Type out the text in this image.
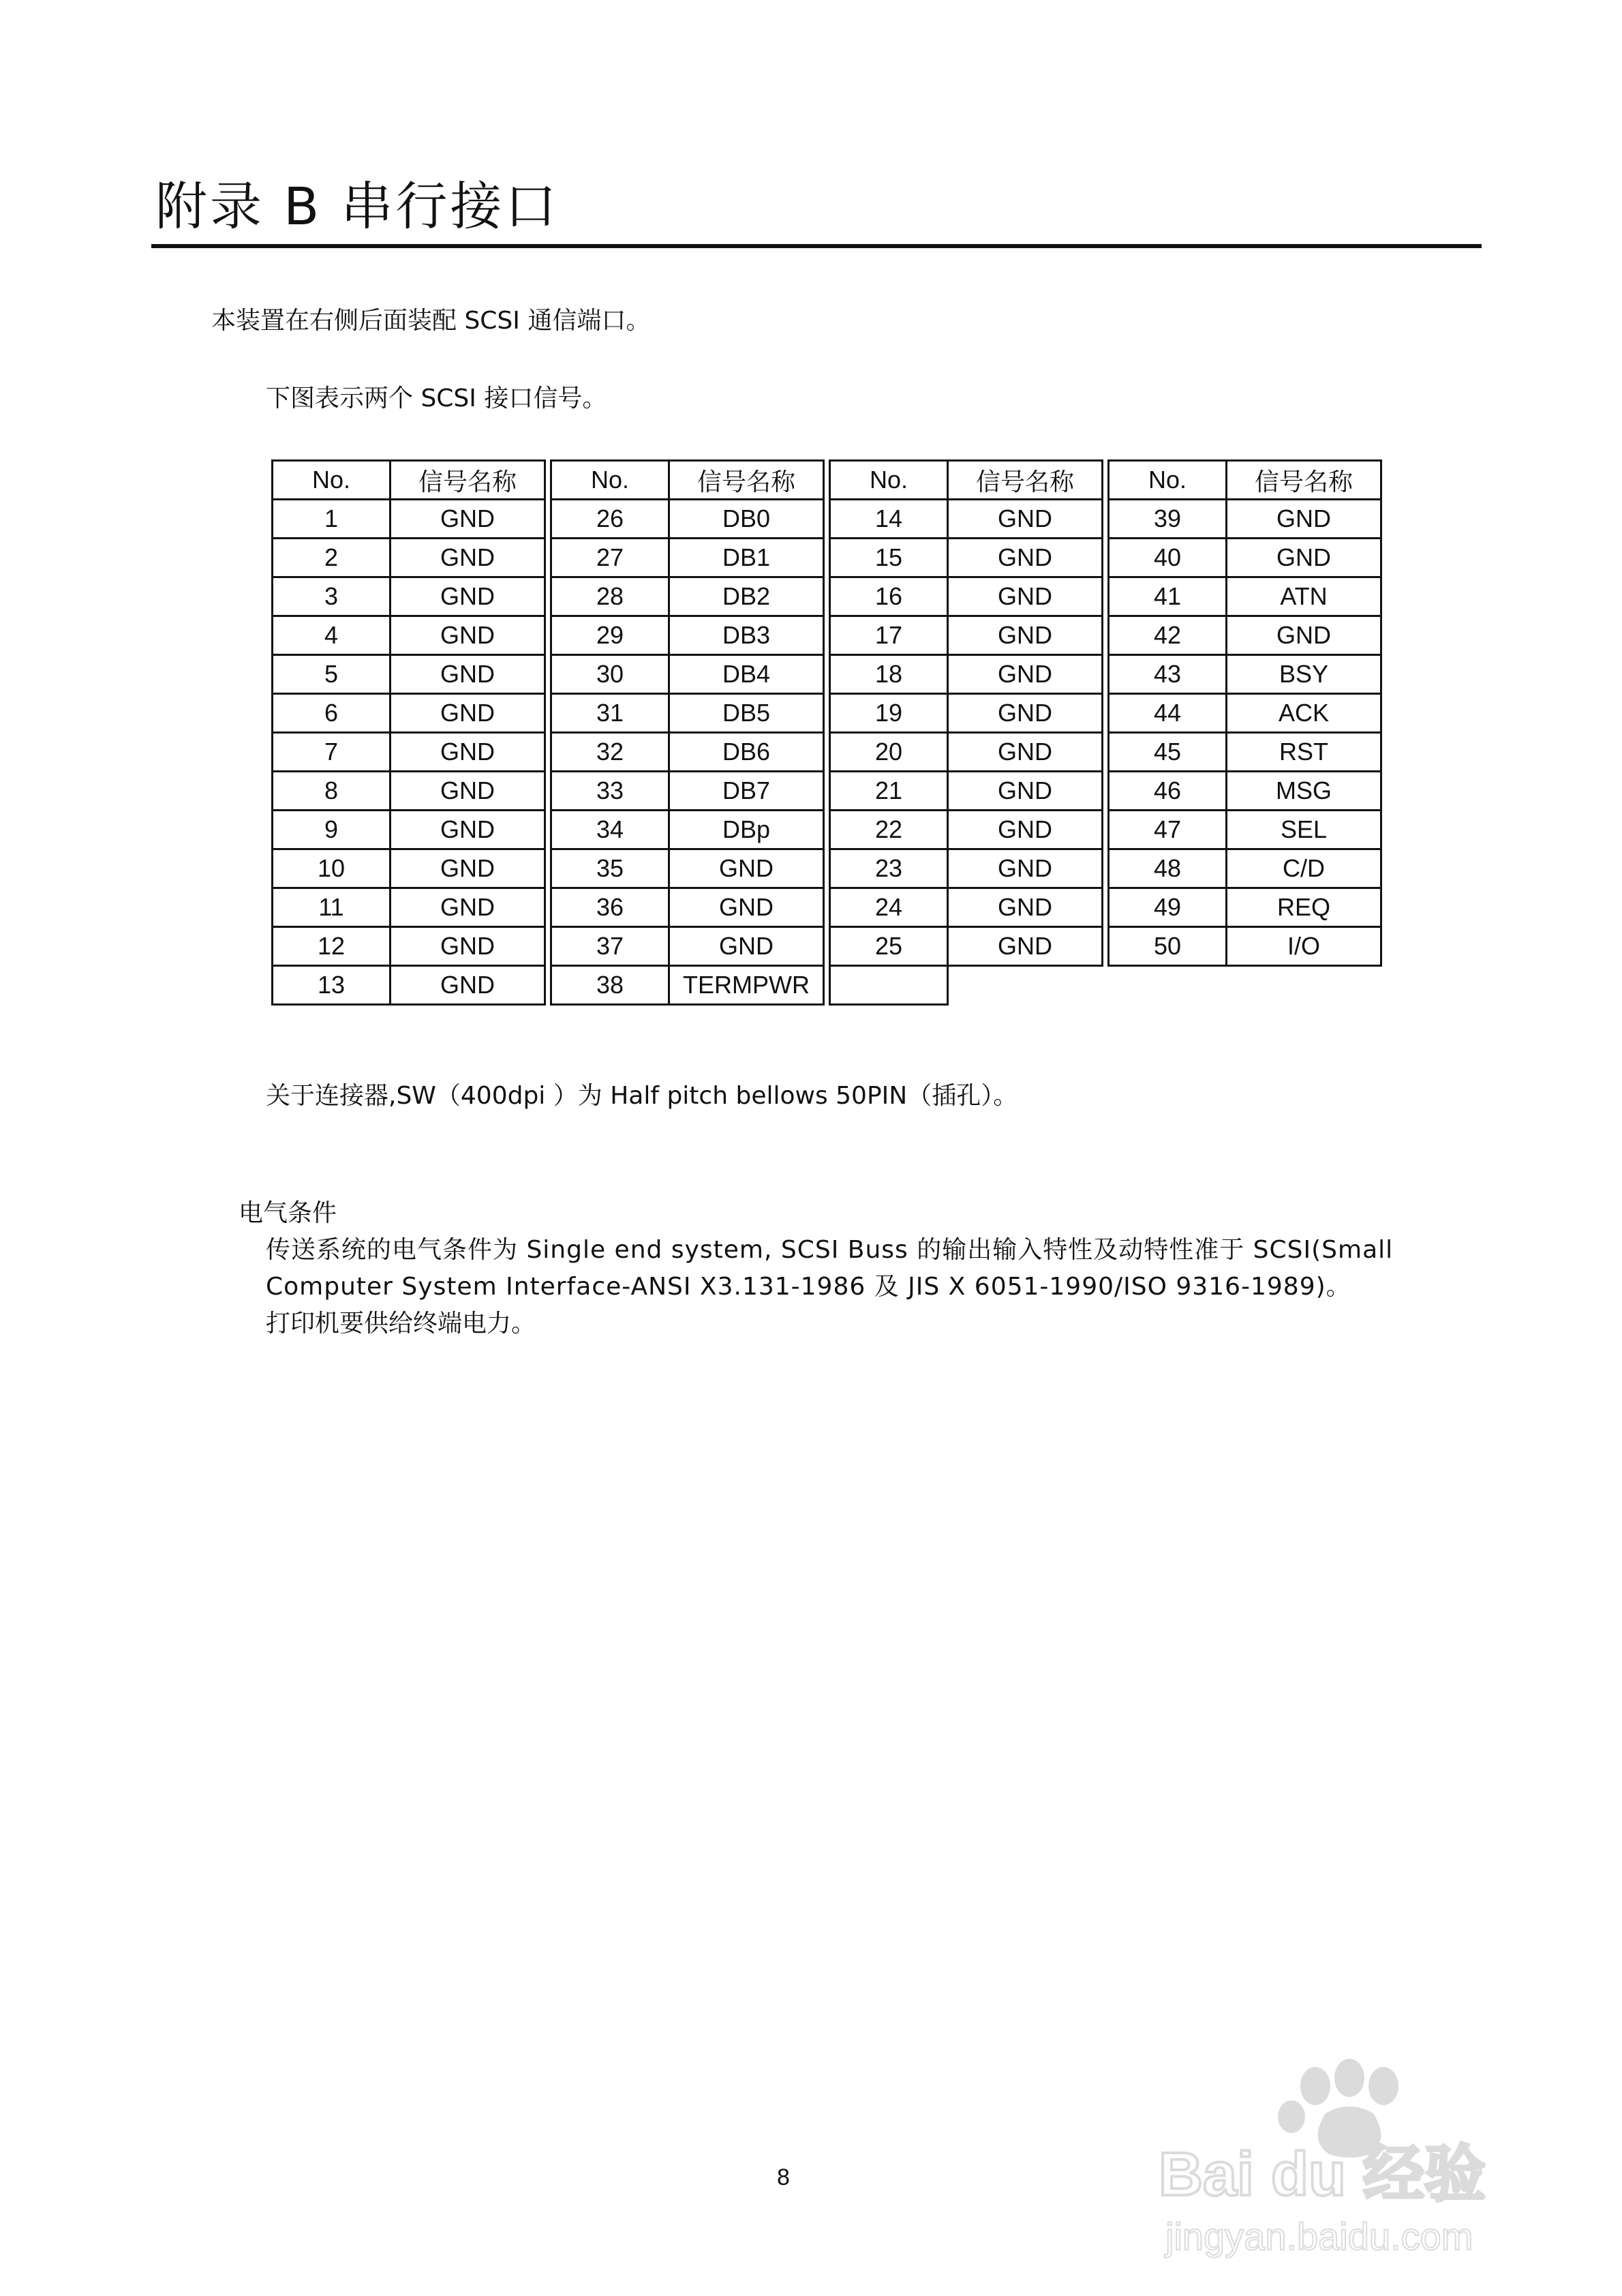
附录 B 串行接口

本装置在右侧后面装配 SCSI 通信端口。

下图表示两个 SCSI 接口信号。

No.	信号名称		No.	信号名称		No.	信号名称		No.	信号名称
1	GND		26	DB0		14	GND		39	GND
2	GND		27	DB1		15	GND		40	GND
3	GND		28	DB2		16	GND		41	ATN
4	GND		29	DB3		17	GND		42	GND
5	GND		30	DB4		18	GND		43	BSY
6	GND		31	DB5		19	GND		44	ACK
7	GND		32	DB6		20	GND		45	RST
8	GND		33	DB7		21	GND		46	MSG
9	GND		34	DBp		22	GND		47	SEL
10	GND		35	GND		23	GND		48	C/D
11	GND		36	GND		24	GND		49	REQ
12	GND		37	GND		25	GND		50	I/O
13	GND		38	TERMPWR						

关于连接器,SW（400dpi ）为 Half pitch bellows 50PIN（插孔）。

电气条件

传送系统的电气条件为 Single end system, SCSI Buss 的输出输入特性及动特性准于 SCSI(Small

Computer System Interface-ANSI X3.131-1986 及 JIS X 6051-1990/ISO 9316-1989)。

打印机要供给终端电力。

8	Bai du 经验
jingyan.baidu.com
